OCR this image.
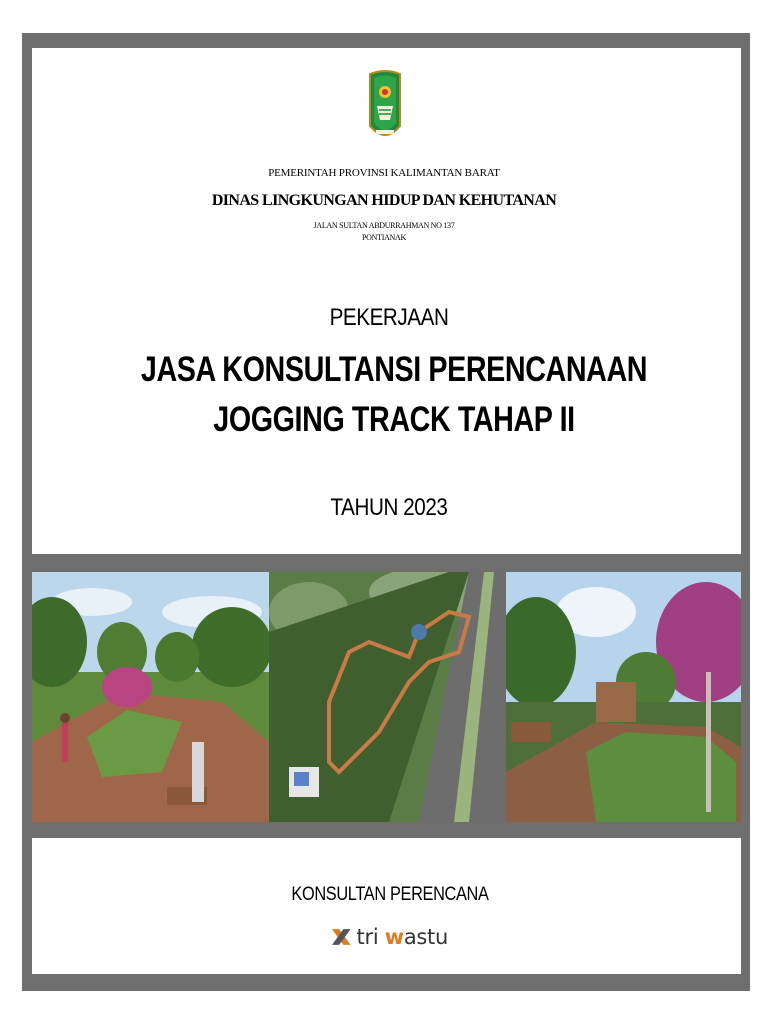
PEMERINTAH PROVINSI KALIMANTAN BARAT
DINAS LINGKUNGAN HIDUP DAN KEHUTANAN
JALAN SULTAN ABDURRAHMAN NO 137
PONTIANAK
PEKERJAAN
JASA KONSULTANSI PERENCANAAN
JOGGING TRACK TAHAP II
TAHUN 2023
KONSULTAN PERENCANA
tri wastu
